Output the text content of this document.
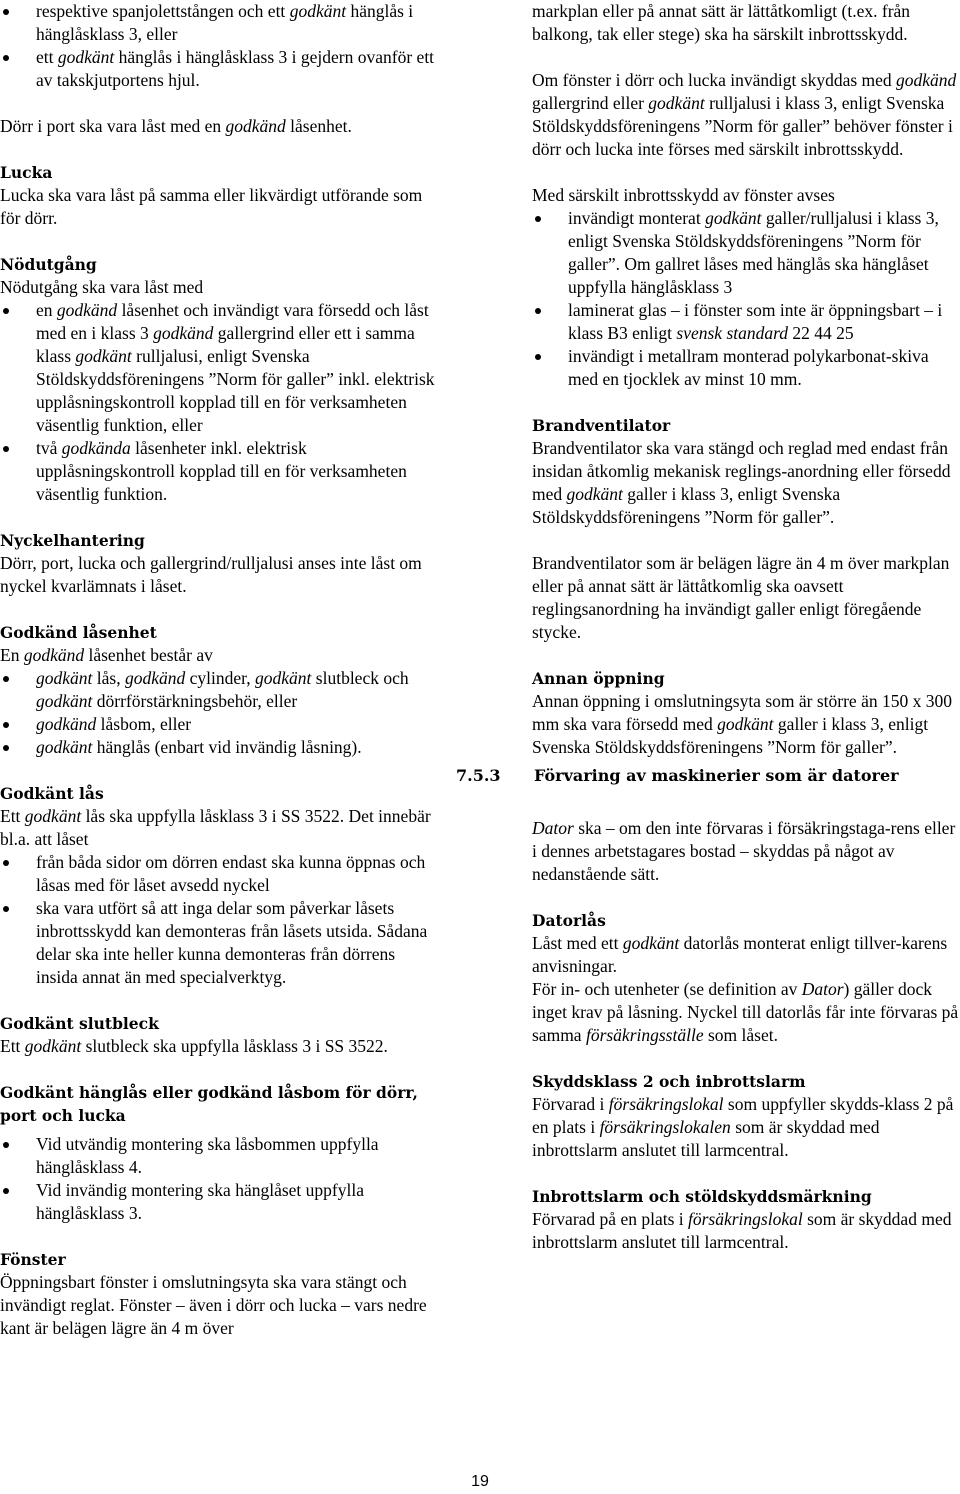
respektive spanjolettstången och ett godkänt hänglås i hänglåsklass 3, eller
ett godkänt hänglås i hänglåsklass 3 i gejdern ovanför ett av takskjutportens hjul.

Dörr i port ska vara låst med en godkänd låsenhet.

Lucka

Lucka ska vara låst på samma eller likvärdigt utförande som för dörr.

Nödutgång

Nödutgång ska vara låst med

en godkänd låsenhet och invändigt vara försedd och låst med en i klass 3 godkänd gallergrind eller ett i samma klass godkänt rulljalusi, enligt Svenska Stöldskyddsföreningens ”Norm för galler” inkl. elektrisk upplåsningskontroll kopplad till en för verksamheten väsentlig funktion, eller
två godkända låsenheter inkl. elektrisk upplåsningskontroll kopplad till en för verksamheten väsentlig funktion.

Nyckelhantering

Dörr, port, lucka och gallergrind/rulljalusi anses inte låst om nyckel kvarlämnats i låset.

Godkänd låsenhet

En godkänd låsenhet består av

godkänt lås, godkänd cylinder, godkänt slutbleck och godkänt dörrförstärkningsbehör, eller
godkänd låsbom, eller
godkänt hänglås (enbart vid invändig låsning).

Godkänt lås

Ett godkänt lås ska uppfylla låsklass 3 i SS 3522. Det innebär bl.a. att låset

från båda sidor om dörren endast ska kunna öppnas och låsas med för låset avsedd nyckel
ska vara utfört så att inga delar som påverkar låsets inbrottsskydd kan demonteras från låsets utsida. Sådana delar ska inte heller kunna demonteras från dörrens insida annat än med specialverktyg.

Godkänt slutbleck

Ett godkänt slutbleck ska uppfylla låsklass 3 i SS 3522.

Godkänt hänglås eller godkänd låsbom för dörr, port och lucka

Vid utvändig montering ska låsbommen uppfylla hänglåsklass 4.
Vid invändig montering ska hänglåset uppfylla hänglåsklass 3.

Fönster

Öppningsbart fönster i omslutningsyta ska vara stängt och invändigt reglat. Fönster – även i dörr och lucka – vars nedre kant är belägen lägre än 4 m över

markplan eller på annat sätt är lättåtkomligt (t.ex. från balkong, tak eller stege) ska ha särskilt inbrottsskydd.

Om fönster i dörr och lucka invändigt skyddas med godkänd gallergrind eller godkänt rulljalusi i klass 3, enligt Svenska Stöldskyddsföreningens ”Norm för galler” behöver fönster i dörr och lucka inte förses med särskilt inbrottsskydd.

Med särskilt inbrottsskydd av fönster avses

invändigt monterat godkänt galler/rulljalusi i klass 3, enligt Svenska Stöldskyddsföreningens ”Norm för galler”. Om gallret låses med hänglås ska hänglåset uppfylla hänglåsklass 3
laminerat glas – i fönster som inte är öppningsbart – i klass B3 enligt svensk standard 22 44 25
invändigt i metallram monterad polykarbonat-skiva med en tjocklek av minst 10 mm.

Brandventilator

Brandventilator ska vara stängd och reglad med endast från insidan åtkomlig mekanisk reglings-anordning eller försedd med godkänt galler i klass 3, enligt Svenska Stöldskyddsföreningens ”Norm för galler”.

Brandventilator som är belägen lägre än 4 m över markplan eller på annat sätt är lättåtkomlig ska oavsett reglingsanordning ha invändigt galler enligt föregående stycke.

Annan öppning

Annan öppning i omslutningsyta som är större än 150 x 300 mm ska vara försedd med godkänt galler i klass 3, enligt Svenska Stöldskyddsföreningens ”Norm för galler”.

Dator ska – om den inte förvaras i försäkringstaga-rens eller i dennes arbetstagares bostad – skyddas på något av nedanstående sätt.

Datorlås

Låst med ett godkänt datorlås monterat enligt tillver-karens anvisningar.
För in- och utenheter (se definition av Dator) gäller dock inget krav på låsning. Nyckel till datorlås får inte förvaras på samma försäkringsställe som låset.

Skyddsklass 2 och inbrottslarm

Förvarad i försäkringslokal som uppfyller skydds-klass 2 på en plats i försäkringslokalen som är skyddad med inbrottslarm anslutet till larmcentral.

Inbrottslarm och stöldskyddsmärkning

Förvarad på en plats i försäkringslokal som är skyddad med inbrottslarm anslutet till larmcentral.

7.5.3 Förvaring av maskinerier som är datorer
19
